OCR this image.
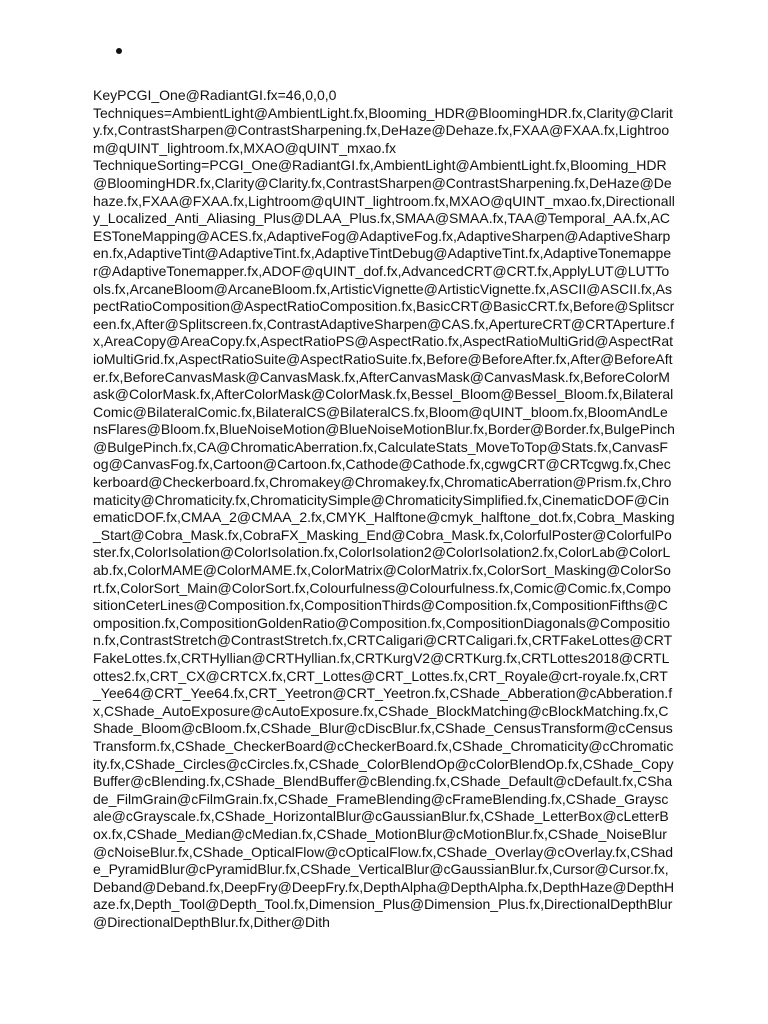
KeyPCGI_One@RadiantGI.fx=46,0,0,0

Techniques=AmbientLight@AmbientLight.fx,Blooming_HDR@BloomingHDR.fx,Clarity@Clarity.fx,ContrastSharpen@ContrastSharpening.fx,DeHaze@Dehaze.fx,FXAA@FXAA.fx,Lightroom@qUINT_lightroom.fx,MXAO@qUINT_mxao.fx

TechniqueSorting=PCGI_One@RadiantGI.fx,AmbientLight@AmbientLight.fx,Blooming_HDR@BloomingHDR.fx,Clarity@Clarity.fx,ContrastSharpen@ContrastSharpening.fx,DeHaze@Dehaze.fx,FXAA@FXAA.fx,Lightroom@qUINT_lightroom.fx,MXAO@qUINT_mxao.fx,Directionally_Localized_Anti_Aliasing_Plus@DLAA_Plus.fx,SMAA@SMAA.fx,TAA@Temporal_AA.fx,ACESToneMapping@ACES.fx,AdaptiveFog@AdaptiveFog.fx,AdaptiveSharpen@AdaptiveSharpen.fx,AdaptiveTint@AdaptiveTint.fx,AdaptiveTintDebug@AdaptiveTint.fx,AdaptiveTonemapper@AdaptiveTonemapper.fx,ADOF@qUINT_dof.fx,AdvancedCRT@CRT.fx,ApplyLUT@LUTTools.fx,ArcaneBloom@ArcaneBloom.fx,ArtisticVignette@ArtisticVignette.fx,ASCII@ASCII.fx,AspectRatioComposition@AspectRatioComposition.fx,BasicCRT@BasicCRT.fx,Before@Splitscreen.fx,After@Splitscreen.fx,ContrastAdaptiveSharpen@CAS.fx,ApertureCRT@CRTAperture.fx,AreaCopy@AreaCopy.fx,AspectRatioPS@AspectRatio.fx,AspectRatioMultiGrid@AspectRatioMultiGrid.fx,AspectRatioSuite@AspectRatioSuite.fx,Before@BeforeAfter.fx,After@BeforeAfter.fx,BeforeCanvasMask@CanvasMask.fx,AfterCanvasMask@CanvasMask.fx,BeforeColorMask@ColorMask.fx,AfterColorMask@ColorMask.fx,Bessel_Bloom@Bessel_Bloom.fx,BilateralComic@BilateralComic.fx,BilateralCS@BilateralCS.fx,Bloom@qUINT_bloom.fx,BloomAndLensFlares@Bloom.fx,BlueNoiseMotion@BlueNoiseMotionBlur.fx,Border@Border.fx,BulgePinch@BulgePinch.fx,CA@ChromaticAberration.fx,CalculateStats_MoveToTop@Stats.fx,CanvasFog@CanvasFog.fx,Cartoon@Cartoon.fx,Cathode@Cathode.fx,cgwgCRT@CRTcgwg.fx,Checkerboard@Checkerboard.fx,Chromakey@Chromakey.fx,ChromaticAberration@Prism.fx,Chromaticity@Chromaticity.fx,ChromaticitySimple@ChromaticitySimplified.fx,CinematicDOF@CinematicDOF.fx,CMAA_2@CMAA_2.fx,CMYK_Halftone@cmyk_halftone_dot.fx,Cobra_Masking_Start@Cobra_Mask.fx,CobraFX_Masking_End@Cobra_Mask.fx,ColorfulPoster@ColorfulPoster.fx,ColorIsolation@ColorIsolation.fx,ColorIsolation2@ColorIsolation2.fx,ColorLab@ColorLab.fx,ColorMAME@ColorMAME.fx,ColorMatrix@ColorMatrix.fx,ColorSort_Masking@ColorSort.fx,ColorSort_Main@ColorSort.fx,Colourfulness@Colourfulness.fx,Comic@Comic.fx,CompositionCeterLines@Composition.fx,CompositionThirds@Composition.fx,CompositionFifths@Composition.fx,CompositionGoldenRatio@Composition.fx,CompositionDiagonals@Composition.fx,ContrastStretch@ContrastStretch.fx,CRTCaligari@CRTCaligari.fx,CRTFakeLottes@CRTFakeLottes.fx,CRTHyllian@CRTHyllian.fx,CRTKurgV2@CRTKurg.fx,CRTLottes2018@CRTLottes2.fx,CRT_CX@CRTCX.fx,CRT_Lottes@CRT_Lottes.fx,CRT_Royale@crt-royale.fx,CRT_Yee64@CRT_Yee64.fx,CRT_Yeetron@CRT_Yeetron.fx,CShade_Abberation@cAbberation.fx,CShade_AutoExposure@cAutoExposure.fx,CShade_BlockMatching@cBlockMatching.fx,CShade_Bloom@cBloom.fx,CShade_Blur@cDiscBlur.fx,CShade_CensusTransform@cCensusTransform.fx,CShade_CheckerBoard@cCheckerBoard.fx,CShade_Chromaticity@cChromaticity.fx,CShade_Circles@cCircles.fx,CShade_ColorBlendOp@cColorBlendOp.fx,CShade_CopyBuffer@cBlending.fx,CShade_BlendBuffer@cBlending.fx,CShade_Default@cDefault.fx,CShade_FilmGrain@cFilmGrain.fx,CShade_FrameBlending@cFrameBlending.fx,CShade_Grayscale@cGrayscale.fx,CShade_HorizontalBlur@cGaussianBlur.fx,CShade_LetterBox@cLetterBox.fx,CShade_Median@cMedian.fx,CShade_MotionBlur@cMotionBlur.fx,CShade_NoiseBlur@cNoiseBlur.fx,CShade_OpticalFlow@cOpticalFlow.fx,CShade_Overlay@cOverlay.fx,CShade_PyramidBlur@cPyramidBlur.fx,CShade_VerticalBlur@cGaussianBlur.fx,Cursor@Cursor.fx,Deband@Deband.fx,DeepFry@DeepFry.fx,DepthAlpha@DepthAlpha.fx,DepthHaze@DepthHaze.fx,Depth_Tool@Depth_Tool.fx,Dimension_Plus@Dimension_Plus.fx,DirectionalDepthBlur@DirectionalDepthBlur.fx,Dither@Dith
